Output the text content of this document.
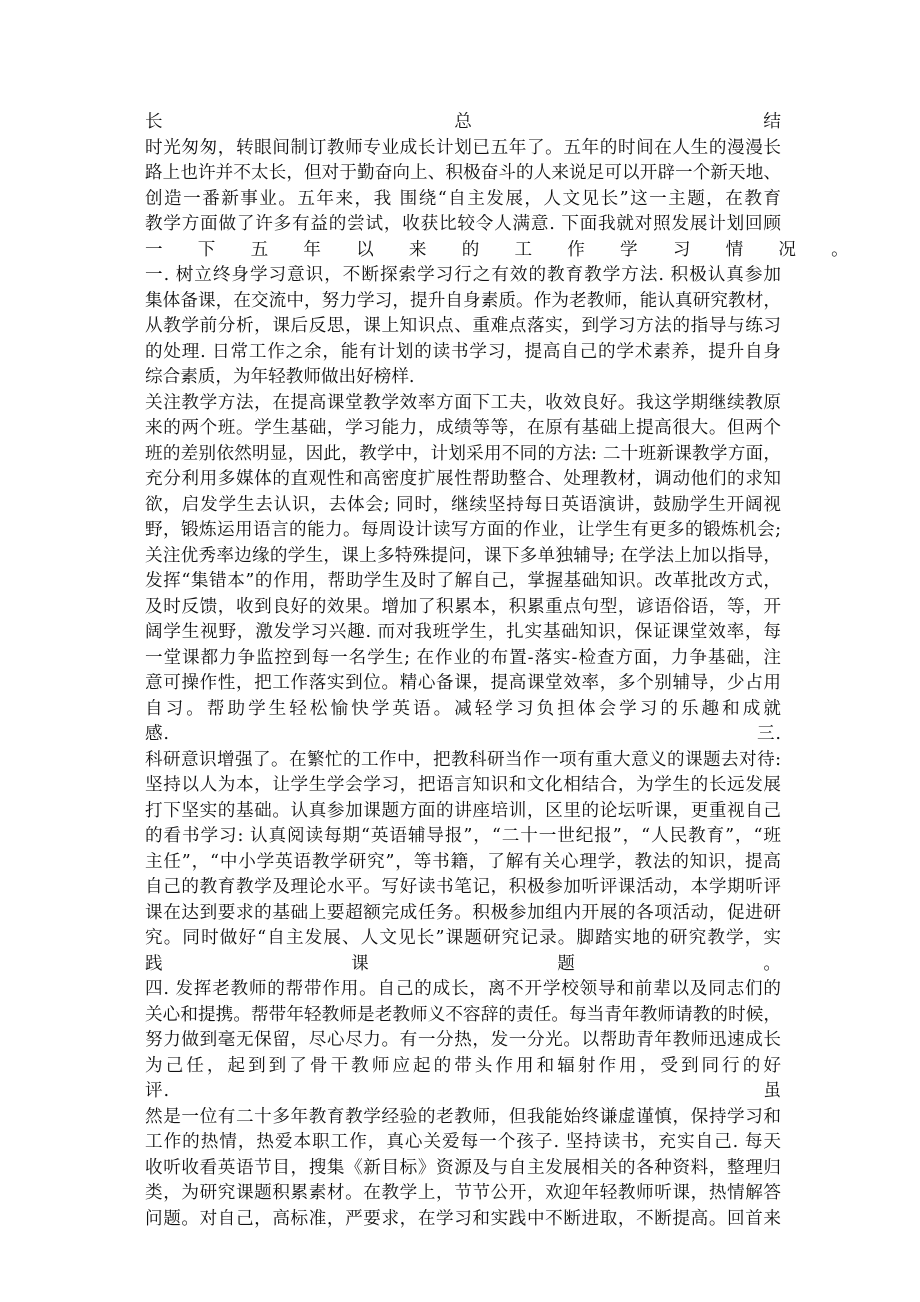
长　　　　　　　　　　　　　总　　　　　　　　　　　　　结
时光匆匆，转眼间制订教师专业成长计划已五年了。五年的时间在人生的漫漫长
路上也许并不太长，但对于勤奋向上、积极奋斗的人来说足可以开辟一个新天地、
创造一番新事业。五年来，我 围绕“自主发展，人文见长”这一主题，在教育
教学方面做了许多有益的尝试，收获比较令人满意. 下面我就对照发展计划回顾
一　　下　　五　　年　　以　　来　　的　　工　　作　　学　　习　　情　　况　　。
一. 树立终身学习意识，不断探索学习行之有效的教育教学方法. 积极认真参加
集体备课，在交流中，努力学习，提升自身素质。作为老教师，能认真研究教材，
从教学前分析，课后反思，课上知识点、重难点落实，到学习方法的指导与练习
的处理. 日常工作之余，能有计划的读书学习，提高自己的学术素养，提升自身
综合素质，为年轻教师做出好榜样.
关注教学方法，在提高课堂教学效率方面下工夫，收效良好。我这学期继续教原
来的两个班。学生基础，学习能力，成绩等等，在原有基础上提高很大。但两个
班的差别依然明显，因此，教学中，计划采用不同的方法: 二十班新课教学方面，
充分利用多媒体的直观性和高密度扩展性帮助整合、处理教材，调动他们的求知
欲，启发学生去认识，去体会; 同时，继续坚持每日英语演讲，鼓励学生开阔视
野，锻炼运用语言的能力。每周设计读写方面的作业，让学生有更多的锻炼机会;
关注优秀率边缘的学生，课上多特殊提问，课下多单独辅导; 在学法上加以指导，
发挥“集错本”的作用，帮助学生及时了解自己，掌握基础知识。改革批改方式，
及时反馈，收到良好的效果。增加了积累本，积累重点句型，谚语俗语，等，开
阔学生视野，激发学习兴趣. 而对我班学生，扎实基础知识，保证课堂效率，每
一堂课都力争监控到每一名学生; 在作业的布置-落实-检查方面，力争基础，注
意可操作性，把工作落实到位。精心备课，提高课堂效率，多个别辅导，少占用
自习。帮助学生轻松愉快学英语。减轻学习负担体会学习的乐趣和成就
感.　　　　　　　　　　　　　　　　　　　　　　　　　　　　　　　　三.
科研意识增强了。在繁忙的工作中，把教科研当作一项有重大意义的课题去对待:
坚持以人为本，让学生学会学习，把语言知识和文化相结合，为学生的长远发展
打下坚实的基础。认真参加课题方面的讲座培训，区里的论坛听课，更重视自己
的看书学习: 认真阅读每期“英语辅导报”，“二十一世纪报”，“人民教育”，“班
主任”，“中小学英语教学研究”，等书籍，了解有关心理学，教法的知识，提高
自己的教育教学及理论水平。写好读书笔记，积极参加听评课活动，本学期听评
课在达到要求的基础上要超额完成任务。积极参加组内开展的各项活动，促进研
究。同时做好“自主发展、人文见长”课题研究记录。脚踏实地的研究教学，实
践　　　　　　　　　课　　　　　　　　　题　　　　　　　　　。
四. 发挥老教师的帮带作用。自己的成长，离不开学校领导和前辈以及同志们的
关心和提携。帮带年轻教师是老教师义不容辞的责任。每当青年教师请教的时候，
努力做到毫无保留，尽心尽力。有一分热，发一分光。以帮助青年教师迅速成长
为己任，起到到了骨干教师应起的带头作用和辐射作用，受到同行的好
评.　　　　　　　　　　　　　　　　　　　　　　　　　　　　　　　　虽
然是一位有二十多年教育教学经验的老教师，但我能始终谦虚谨慎，保持学习和
工作的热情，热爱本职工作，真心关爱每一个孩子. 坚持读书，充实自己. 每天
收听收看英语节目，搜集《新目标》资源及与自主发展相关的各种资料，整理归
类，为研究课题积累素材。在教学上，节节公开，欢迎年轻教师听课，热情解答
问题。对自己，高标准，严要求，在学习和实践中不断进取，不断提高。回首来
